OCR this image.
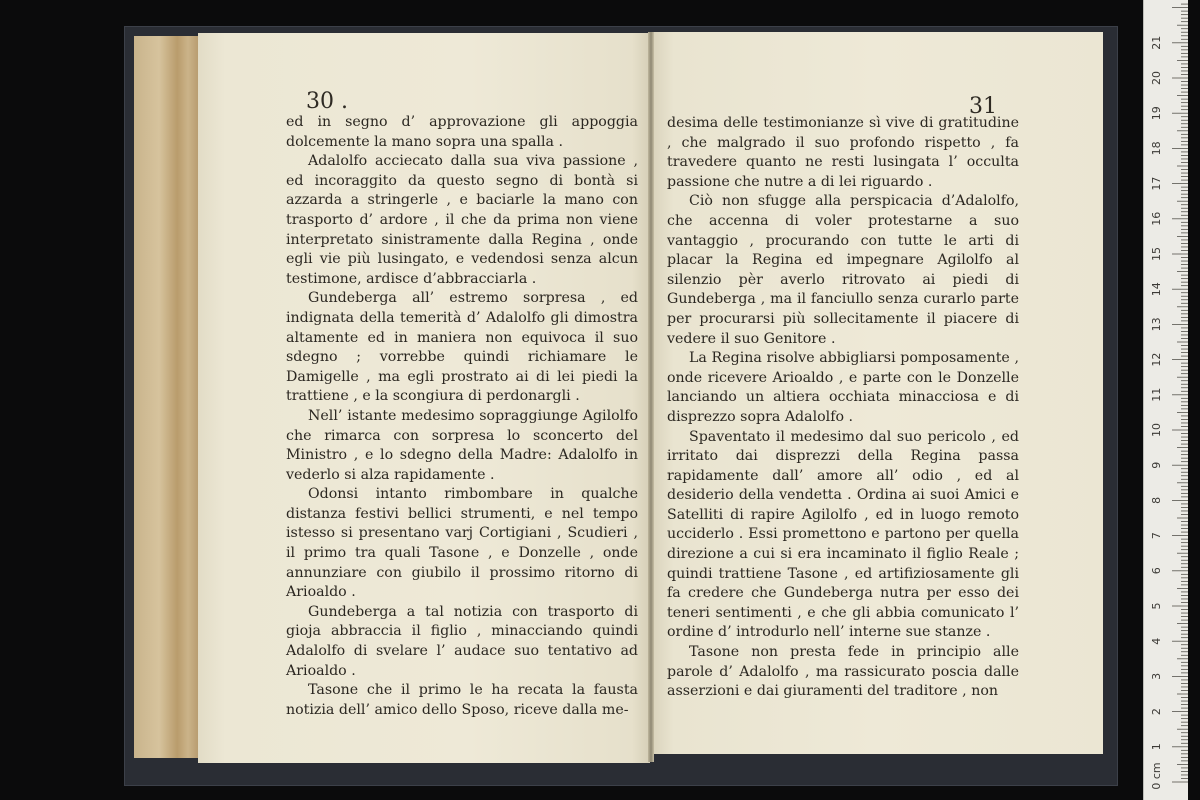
30 .

ed in segno d’ approvazione gli appoggia dolcemente la mano sopra una spalla .

Adalolfo acciecato dalla sua viva passione , ed incoraggito da questo segno di bontà si azzarda a stringerle , e baciarle la mano con trasporto d’ ardore , il che da prima non viene interpretato sinistramente dalla Regina , onde egli vie più lusingato, e vedendosi senza alcun testimone, ardisce d’abbracciarla .

Gundeberga all’ estremo sorpresa , ed indignata della temerità d’ Adalolfo gli dimostra altamente ed in maniera non equivoca il suo sdegno ; vorrebbe quindi richiamare le Damigelle , ma egli prostrato ai di lei piedi la trattiene , e la scongiura di perdonargli .

Nell’ istante medesimo sopraggiunge Agilolfo che rimarca con sorpresa lo sconcerto del Ministro , e lo sdegno della Madre: Adalolfo in vederlo si alza rapidamente .

Odonsi intanto rimbombare in qualche distanza festivi bellici strumenti, e nel tempo istesso si presentano varj Cortigiani , Scudieri , il primo tra quali Tasone , e Donzelle , onde annunziare con giubilo il prossimo ritorno di Arioaldo .

Gundeberga a tal notizia con trasporto di gioja abbraccia il figlio , minacciando quindi Adalolfo di svelare l’ audace suo tentativo ad Arioaldo .

Tasone che il primo le ha recata la fausta notizia dell’ amico dello Sposo, riceve dalla me-

31

desima delle testimonianze sì vive di gratitudine , che malgrado il suo profondo rispetto , fa travedere quanto ne resti lusingata l’ occulta passione che nutre a di lei riguardo .

Ciò non sfugge alla perspicacia d’Adalolfo, che accenna di voler protestarne a suo vantaggio , procurando con tutte le arti di placar la Regina ed impegnare Agilolfo al silenzio pèr averlo ritrovato ai piedi di Gundeberga , ma il fanciullo senza curarlo parte per procurarsi più sollecitamente il piacere di vedere il suo Genitore .

La Regina risolve abbigliarsi pomposamente , onde ricevere Arioaldo , e parte con le Donzelle lanciando un altiera occhiata minacciosa e di disprezzo sopra Adalolfo .

Spaventato il medesimo dal suo pericolo , ed irritato dai disprezzi della Regina passa rapidamente dall’ amore all’ odio , ed al desiderio della vendetta . Ordina ai suoi Amici e Satelliti di rapire Agilolfo , ed in luogo remoto ucciderlo . Essi promettono e partono per quella direzione a cui si era incaminato il figlio Reale ; quindi trattiene Tasone , ed artifiziosamente gli fa credere che Gundeberga nutra per esso dei teneri sentimenti , e che gli abbia comunicato l’ ordine d’ introdurlo nell’ interne sue stanze .

Tasone non presta fede in principio alle parole d’ Adalolfo , ma rassicurato poscia dalle asserzioni e dai giuramenti del traditore , non

0 cm
1
2
3
4
5
6
7
8
9
10
11
12
13
14
15
16
17
18
19
20
21
